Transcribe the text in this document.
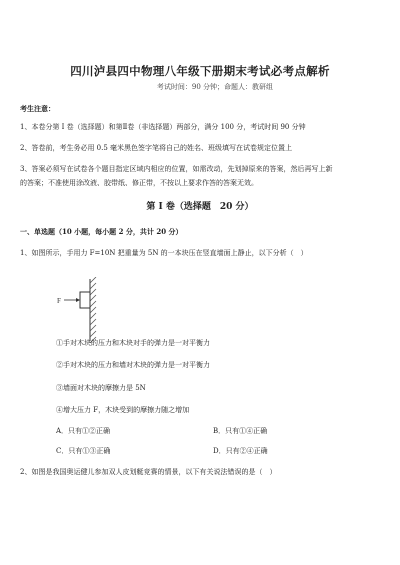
四川泸县四中物理八年级下册期末考试必考点解析
考试时间：90 分钟；命题人：教研组
考生注意：
1、本卷分第 I 卷（选择题）和第Ⅱ卷（非选择题）两部分，满分 100 分，考试时间 90 分钟
2、答卷前，考生务必用 0.5 毫米黑色签字笔将自己的姓名、班级填写在试卷规定位置上
3、答案必须写在试卷各个题目指定区域内相应的位置，如需改动，先划掉原来的答案，然后再写上新
的答案；不准使用涂改液、胶带纸、修正带，不按以上要求作答的答案无效。
第 I 卷（选择题　20 分）
一、单选题（10 小题，每小题 2 分，共计 20 分）
1、如图所示，手用力 F=10N 把重量为 5N 的一本块压在竖直墙面上静止，以下分析（　）
F
①手对木块的压力和木块对手的弹力是一对平衡力
②手对木块的压力和墙对木块的弹力是一对平衡力
③墙面对木块的摩擦力是 5N
④增大压力 F，木块受到的摩擦力随之增加
A．只有①②正确	B．只有①④正确
C．只有①③正确	D．只有②④正确
2、如图是我国奥运健儿参加双人皮划艇竞赛的情景，以下有关说法错误的是（　）
